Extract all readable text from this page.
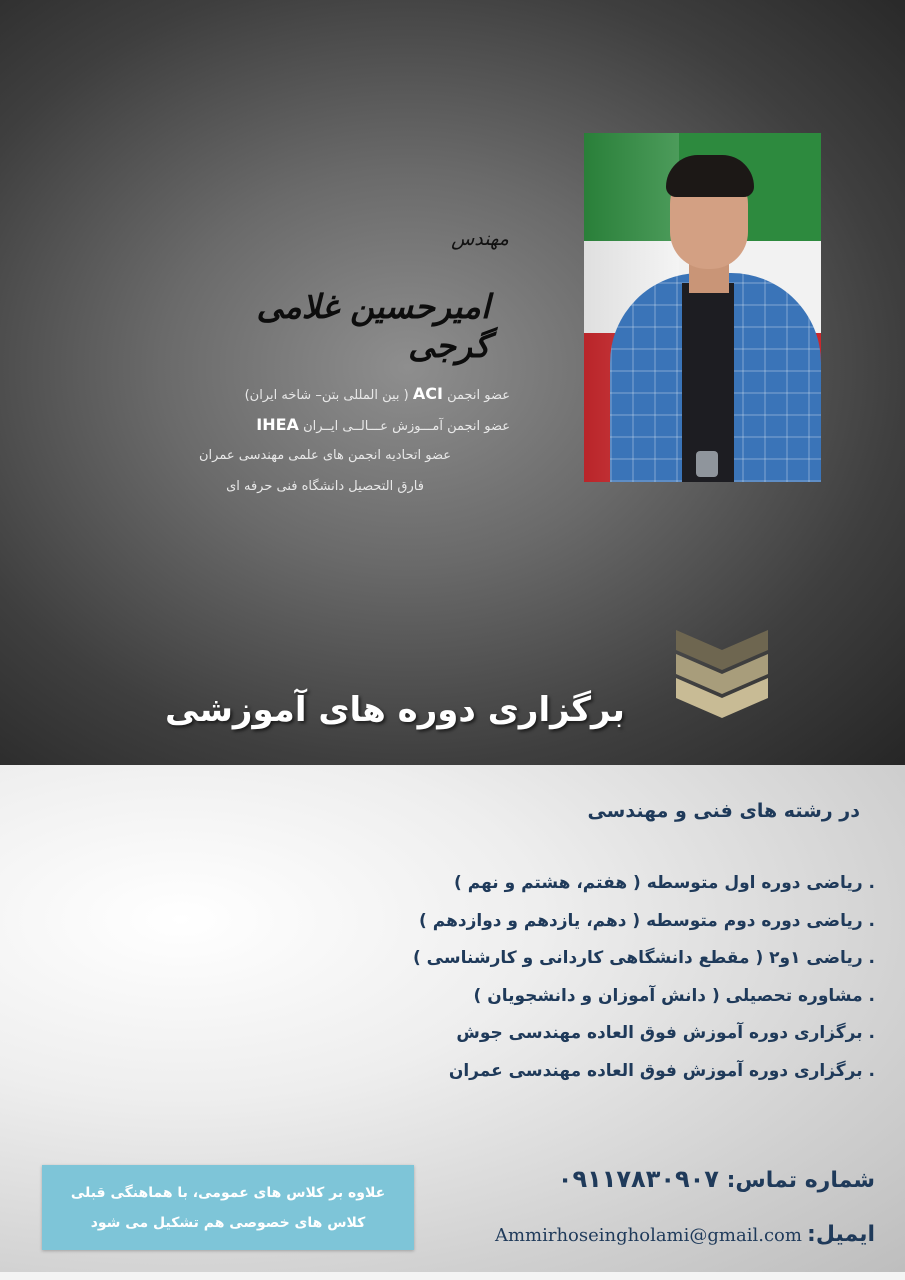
مهندس
امیرحسین غلامی گرجی
عضو انجمن ACI ( بین المللی بتن– شاخه ایران)
عضو انجمن آمـــوزش عـــالــی ایــران IHEA
عضو اتحادیه انجمن های علمی مهندسی عمران
فارق التحصیل دانشگاه فنی حرفه ای
برگزاری دوره های آموزشی
در رشته های فنی و مهندسی
. ریاضی دوره اول متوسطه ( هفتم، هشتم و نهم )
. ریاضی دوره دوم متوسطه ( دهم، یازدهم و دوازدهم )
. ریاضی ۱و۲ ( مقطع دانشگاهی کاردانی و کارشناسی )
. مشاوره تحصیلی ( دانش آموزان و دانشجویان )
. برگزاری دوره آموزش فوق العاده مهندسی جوش
. برگزاری دوره آموزش فوق العاده مهندسی عمران
علاوه بر کلاس های عمومی، با هماهنگی قبلی
کلاس های خصوصی هم تشکیل می شود
شماره تماس: ۰۹۱۱۷۸۳۰۹۰۷
ایمیل: Ammirhoseingholami@gmail.com
